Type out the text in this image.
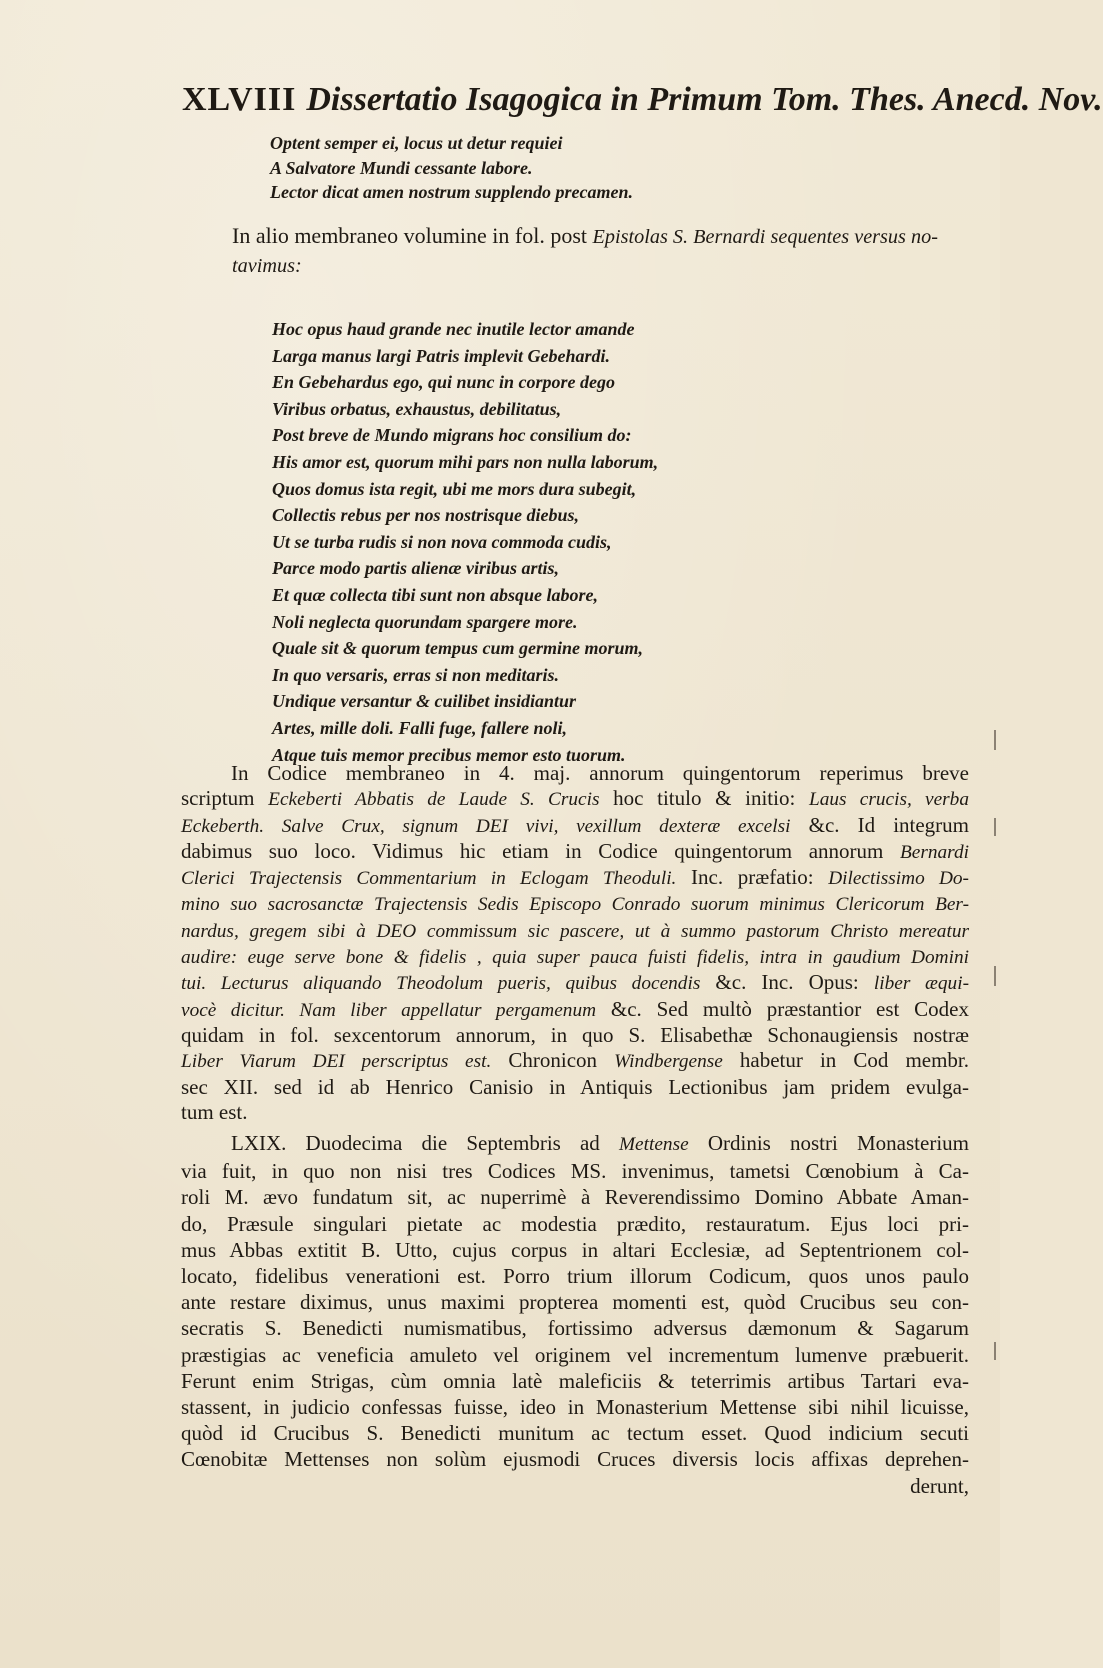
XLVIII Dissertatio Isagogica in Primum Tom. Thes. Anecd. Nov.
Optent semper ei, locus ut detur requiei
A Salvatore Mundi cessante labore.
Lector dicat amen nostrum supplendo precamen.
In alio membraneo volumine in fol. post Epistolas S. Bernardi sequentes versus no-
tavimus:
Hoc opus haud grande nec inutile lector amande
Larga manus largi Patris implevit Gebehardi.
En Gebehardus ego, qui nunc in corpore dego
Viribus orbatus, exhaustus, debilitatus,
Post breve de Mundo migrans hoc consilium do:
His amor est, quorum mihi pars non nulla laborum,
Quos domus ista regit, ubi me mors dura subegit,
Collectis rebus per nos nostrisque diebus,
Ut se turba rudis si non nova commoda cudis,
Parce modo partis alienæ viribus artis,
Et quæ collecta tibi sunt non absque labore,
Noli neglecta quorundam spargere more.
Quale sit & quorum tempus cum germine morum,
In quo versaris, erras si non meditaris.
Undique versantur & cuilibet insidiantur
Artes, mille doli. Falli fuge, fallere noli,
Atque tuis memor precibus memor esto tuorum.
In Codice membraneo in 4. maj. annorum quingentorum reperimus breve
scriptum Eckeberti Abbatis de Laude S. Crucis hoc titulo & initio: Laus crucis, verba
Eckeberth. Salve Crux, signum DEI vivi, vexillum dexteræ excelsi &c. Id integrum
dabimus suo loco. Vidimus hic etiam in Codice quingentorum annorum Bernardi
Clerici Trajectensis Commentarium in Eclogam Theoduli. Inc. præfatio: Dilectissimo Do-
mino suo sacrosanctæ Trajectensis Sedis Episcopo Conrado suorum minimus Clericorum Ber-
nardus, gregem sibi à DEO commissum sic pascere, ut à summo pastorum Christo mereatur
audire: euge serve bone & fidelis , quia super pauca fuisti fidelis, intra in gaudium Domini
tui. Lecturus aliquando Theodolum pueris, quibus docendis &c. Inc. Opus: liber æqui-
vocè dicitur. Nam liber appellatur pergamenum &c. Sed multò præstantior est Codex
quidam in fol. sexcentorum annorum, in quo S. Elisabethæ Schonaugiensis nostræ
Liber Viarum DEI perscriptus est. Chronicon Windbergense habetur in Cod membr.
sec XII. sed id ab Henrico Canisio in Antiquis Lectionibus jam pridem evulga-
tum est.
LXIX. Duodecima die Septembris ad Mettense Ordinis nostri Monasterium
via fuit, in quo non nisi tres Codices MS. invenimus, tametsi Cœnobium à Ca-
roli M. ævo fundatum sit, ac nuperrimè à Reverendissimo Domino Abbate Aman-
do, Præsule singulari pietate ac modestia prædito, restauratum. Ejus loci pri-
mus Abbas extitit B. Utto, cujus corpus in altari Ecclesiæ, ad Septentrionem col-
locato, fidelibus venerationi est. Porro trium illorum Codicum, quos unos paulo
ante restare diximus, unus maximi propterea momenti est, quòd Crucibus seu con-
secratis S. Benedicti numismatibus, fortissimo adversus dæmonum & Sagarum
præstigias ac veneficia amuleto vel originem vel incrementum lumenve præbuerit.
Ferunt enim Strigas, cùm omnia latè maleficiis & teterrimis artibus Tartari eva-
stassent, in judicio confessas fuisse, ideo in Monasterium Mettense sibi nihil licuisse,
quòd id Crucibus S. Benedicti munitum ac tectum esset. Quod indicium secuti
Cœnobitæ Mettenses non solùm ejusmodi Cruces diversis locis affixas deprehen-
derunt,
